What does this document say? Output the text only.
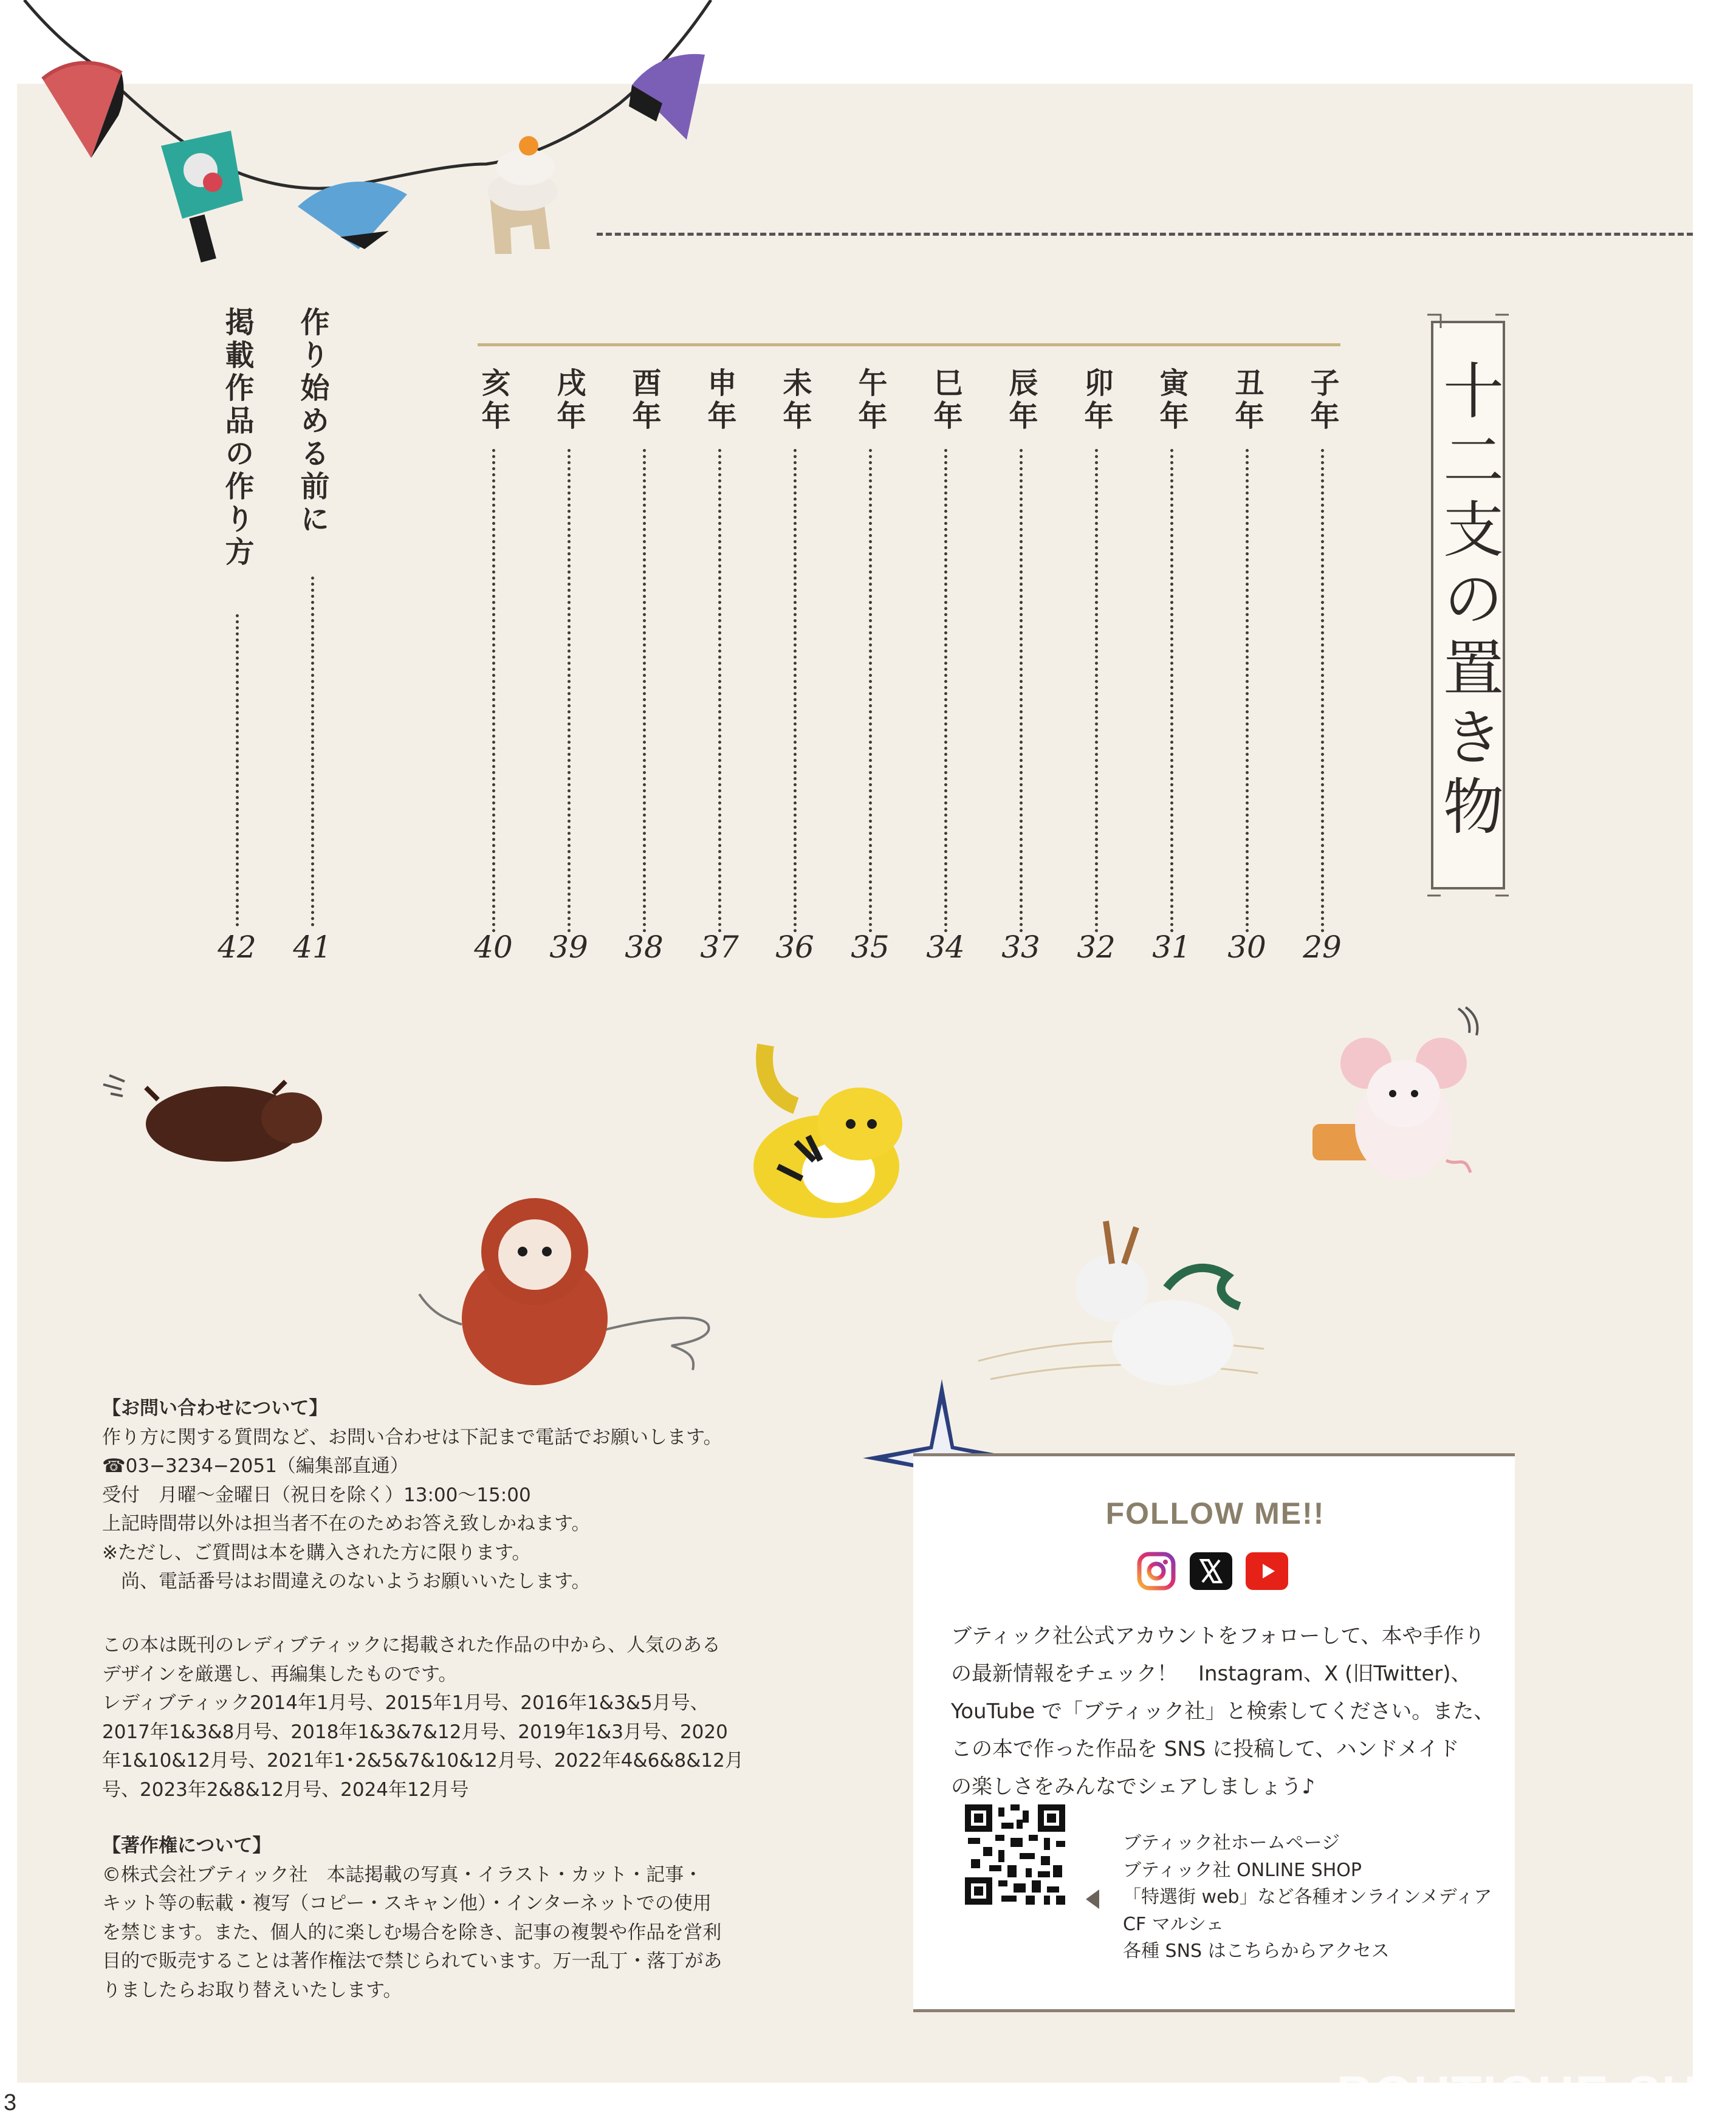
十二支の置き物
子年
29
丑年
30
寅年
31
卯年
32
辰年
33
巳年
34
午年
35
未年
36
申年
37
酉年
38
戌年
39
亥年
40
作り始める前に
41
掲載作品の作り方
42

【お問い合わせについて】

作り方に関する質問など、お問い合わせは下記まで電話でお願いします。

☎03−3234−2051（編集部直通）

受付　月曜〜金曜日（祝日を除く）13:00〜15:00

上記時間帯以外は担当者不在のためお答え致しかねます。

※ただし、ご質問は本を購入された方に限ります。

　尚、電話番号はお間違えのないようお願いいたします。

この本は既刊のレディブティックに掲載された作品の中から、人気のある

デザインを厳選し、再編集したものです。

レディブティック2014年1月号、2015年1月号、2016年1&3&5月号、

2017年1&3&8月号、2018年1&3&7&12月号、2019年1&3月号、2020

年1&10&12月号、2021年1･2&5&7&10&12月号、2022年4&6&8&12月

号、2023年2&8&12月号、2024年12月号

【著作権について】

©株式会社ブティック社　本誌掲載の写真・イラスト・カット・記事・

キット等の転載・複写（コピー・スキャン他）・インターネットでの使用

を禁じます。また、個人的に楽しむ場合を除き、記事の複製や作品を営利

目的で販売することは著作権法で禁じられています。万一乱丁・落丁があ

りましたらお取り替えいたします。

FOLLOW ME!!

ブティック社公式アカウントをフォローして、本や手作り

の最新情報をチェック！　Instagram、X (旧Twitter)、

YouTube で「ブティック社」と検索してください。また、

この本で作った作品を SNS に投稿して、ハンドメイド

の楽しさをみんなでシェアしましょう♪

ブティック社ホームページ
ブティック社 ONLINE SHOP
「特選街 web」など各種オンラインメディア
CF マルシェ
各種 SNS はこちらからアクセス
3	BOUTIQUE-SHA
